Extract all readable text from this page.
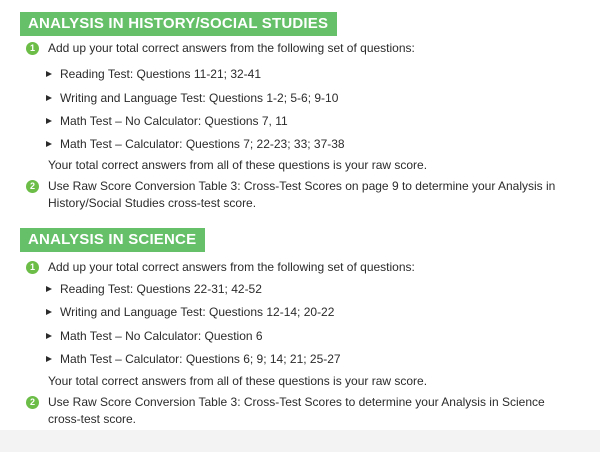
ANALYSIS IN HISTORY/SOCIAL STUDIES
1	Add up your total correct answers from the following set of questions:
Reading Test: Questions 11-21; 32-41
Writing and Language Test: Questions 1-2; 5-6; 9-10
Math Test – No Calculator: Questions 7, 11
Math Test – Calculator: Questions 7; 22-23; 33; 37-38
Your total correct answers from all of these questions is your raw score.
2	Use Raw Score Conversion Table 3: Cross-Test Scores on page 9 to determine your Analysis in History/Social Studies cross-test score.
ANALYSIS IN SCIENCE
1	Add up your total correct answers from the following set of questions:
Reading Test: Questions 22-31; 42-52
Writing and Language Test: Questions 12-14; 20-22
Math Test – No Calculator: Question 6
Math Test – Calculator: Questions 6; 9; 14; 21; 25-27
Your total correct answers from all of these questions is your raw score.
2	Use Raw Score Conversion Table 3: Cross-Test Scores to determine your Analysis in Science cross-test score.
